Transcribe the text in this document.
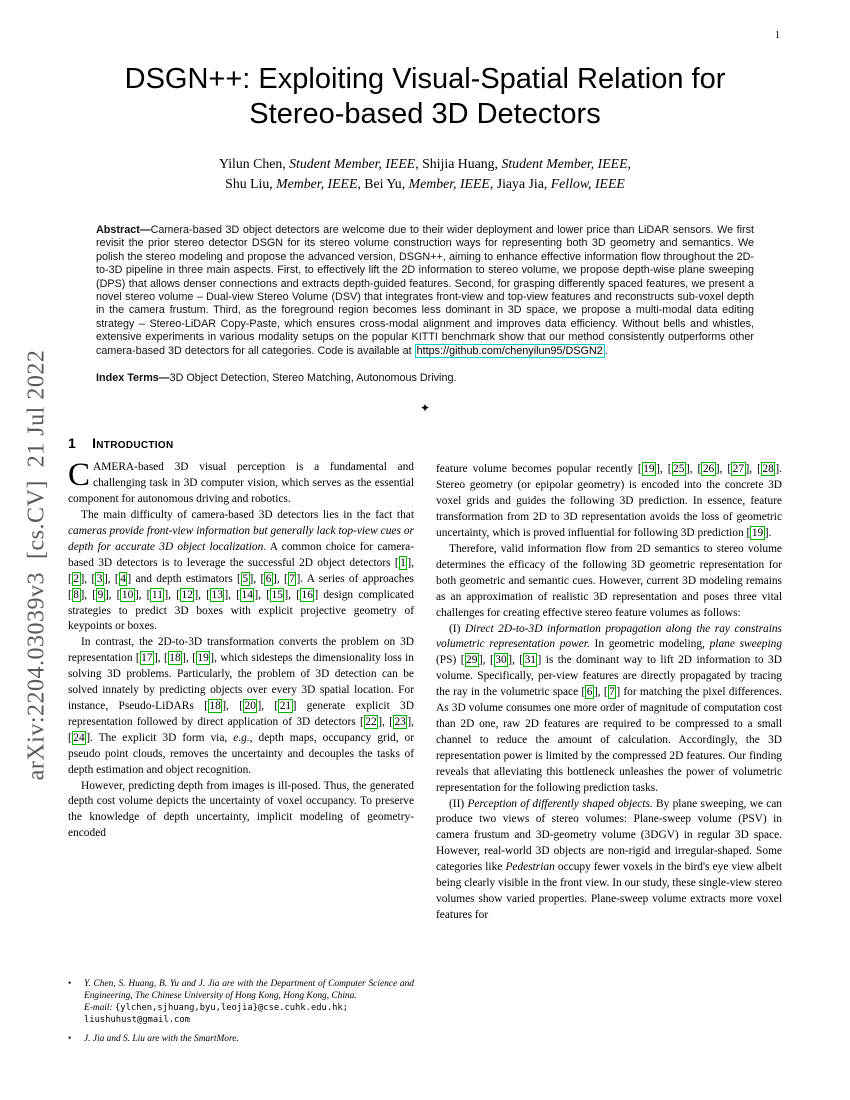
1
arXiv:2204.03039v3  [cs.CV]  21 Jul 2022
DSGN++: Exploiting Visual-Spatial Relation for Stereo-based 3D Detectors
Yilun Chen, Student Member, IEEE, Shijia Huang, Student Member, IEEE,
Shu Liu, Member, IEEE, Bei Yu, Member, IEEE, Jiaya Jia, Fellow, IEEE
Abstract—Camera-based 3D object detectors are welcome due to their wider deployment and lower price than LiDAR sensors. We first revisit the prior stereo detector DSGN for its stereo volume construction ways for representing both 3D geometry and semantics. We polish the stereo modeling and propose the advanced version, DSGN++, aiming to enhance effective information flow throughout the 2D-to-3D pipeline in three main aspects. First, to effectively lift the 2D information to stereo volume, we propose depth-wise plane sweeping (DPS) that allows denser connections and extracts depth-guided features. Second, for grasping differently spaced features, we present a novel stereo volume – Dual-view Stereo Volume (DSV) that integrates front-view and top-view features and reconstructs sub-voxel depth in the camera frustum. Third, as the foreground region becomes less dominant in 3D space, we propose a multi-modal data editing strategy – Stereo-LiDAR Copy-Paste, which ensures cross-modal alignment and improves data efficiency. Without bells and whistles, extensive experiments in various modality setups on the popular KITTI benchmark show that our method consistently outperforms other camera-based 3D detectors for all categories. Code is available at https://github.com/chenyilun95/DSGN2 .
Index Terms—3D Object Detection, Stereo Matching, Autonomous Driving.
✦
1 Introduction

CAMERA-based 3D visual perception is a fundamental and challenging task in 3D computer vision, which serves as the essential component for autonomous driving and robotics.

The main difficulty of camera-based 3D detectors lies in the fact that cameras provide front-view information but generally lack top-view cues or depth for accurate 3D object localization. A common choice for camera-based 3D detectors is to leverage the successful 2D object detectors [ 1 ], [ 2 ], [ 3 ], [ 4 ] and depth estimators [ 5 ], [ 6 ], [ 7 ]. A series of approaches [ 8 ], [ 9 ], [ 10 ], [ 11 ], [ 12 ], [ 13 ], [ 14 ], [ 15 ], [ 16 ] design complicated strategies to predict 3D boxes with explicit projective geometry of keypoints or boxes.

In contrast, the 2D-to-3D transformation converts the problem on 3D representation [ 17 ], [ 18 ], [ 19 ], which sidesteps the dimensionality loss in solving 3D problems. Particularly, the problem of 3D detection can be solved innately by predicting objects over every 3D spatial location. For instance, Pseudo-LiDARs [ 18 ], [ 20 ], [ 21 ] generate explicit 3D representation followed by direct application of 3D detectors [ 22 ], [ 23 ], [ 24 ]. The explicit 3D form via, e.g., depth maps, occupancy grid, or pseudo point clouds, removes the uncertainty and decouples the tasks of depth estimation and object recognition.

However, predicting depth from images is ill-posed. Thus, the generated depth cost volume depicts the uncertainty of voxel occupancy. To preserve the knowledge of depth uncertainty, implicit modeling of geometry-encoded

•	Y. Chen, S. Huang, B. Yu and J. Jia are with the Department of Computer Science and Engineering, The Chinese University of Hong Kong, Hong Kong, China.
E-mail: {ylchen,sjhuang,byu,leojia}@cse.cuhk.edu.hk;
liushuhust@gmail.com
•	J. Jia and S. Liu are with the SmartMore.

feature volume becomes popular recently [ 19 ], [ 25 ], [ 26 ], [ 27 ], [ 28 ]. Stereo geometry (or epipolar geometry) is encoded into the concrete 3D voxel grids and guides the following 3D prediction. In essence, feature transformation from 2D to 3D representation avoids the loss of geometric uncertainty, which is proved influential for following 3D prediction [ 19 ].

Therefore, valid information flow from 2D semantics to stereo volume determines the efficacy of the following 3D geometric representation for both geometric and semantic cues. However, current 3D modeling remains as an approximation of realistic 3D representation and poses three vital challenges for creating effective stereo feature volumes as follows:

(I) Direct 2D-to-3D information propagation along the ray constrains volumetric representation power. In geometric modeling, plane sweeping (PS) [ 29 ], [ 30 ], [ 31 ] is the dominant way to lift 2D information to 3D volume. Specifically, per-view features are directly propagated by tracing the ray in the volumetric space [ 6 ], [ 7 ] for matching the pixel differences. As 3D volume consumes one more order of magnitude of computation cost than 2D one, raw 2D features are required to be compressed to a small channel to reduce the amount of calculation. Accordingly, the 3D representation power is limited by the compressed 2D features. Our finding reveals that alleviating this bottleneck unleashes the power of volumetric representation for the following prediction tasks.

(II) Perception of differently shaped objects. By plane sweeping, we can produce two views of stereo volumes: Plane-sweep volume (PSV) in camera frustum and 3D-geometry volume (3DGV) in regular 3D space. However, real-world 3D objects are non-rigid and irregular-shaped. Some categories like Pedestrian occupy fewer voxels in the bird's eye view albeit being clearly visible in the front view. In our study, these single-view stereo volumes show varied properties. Plane-sweep volume extracts more voxel features for
